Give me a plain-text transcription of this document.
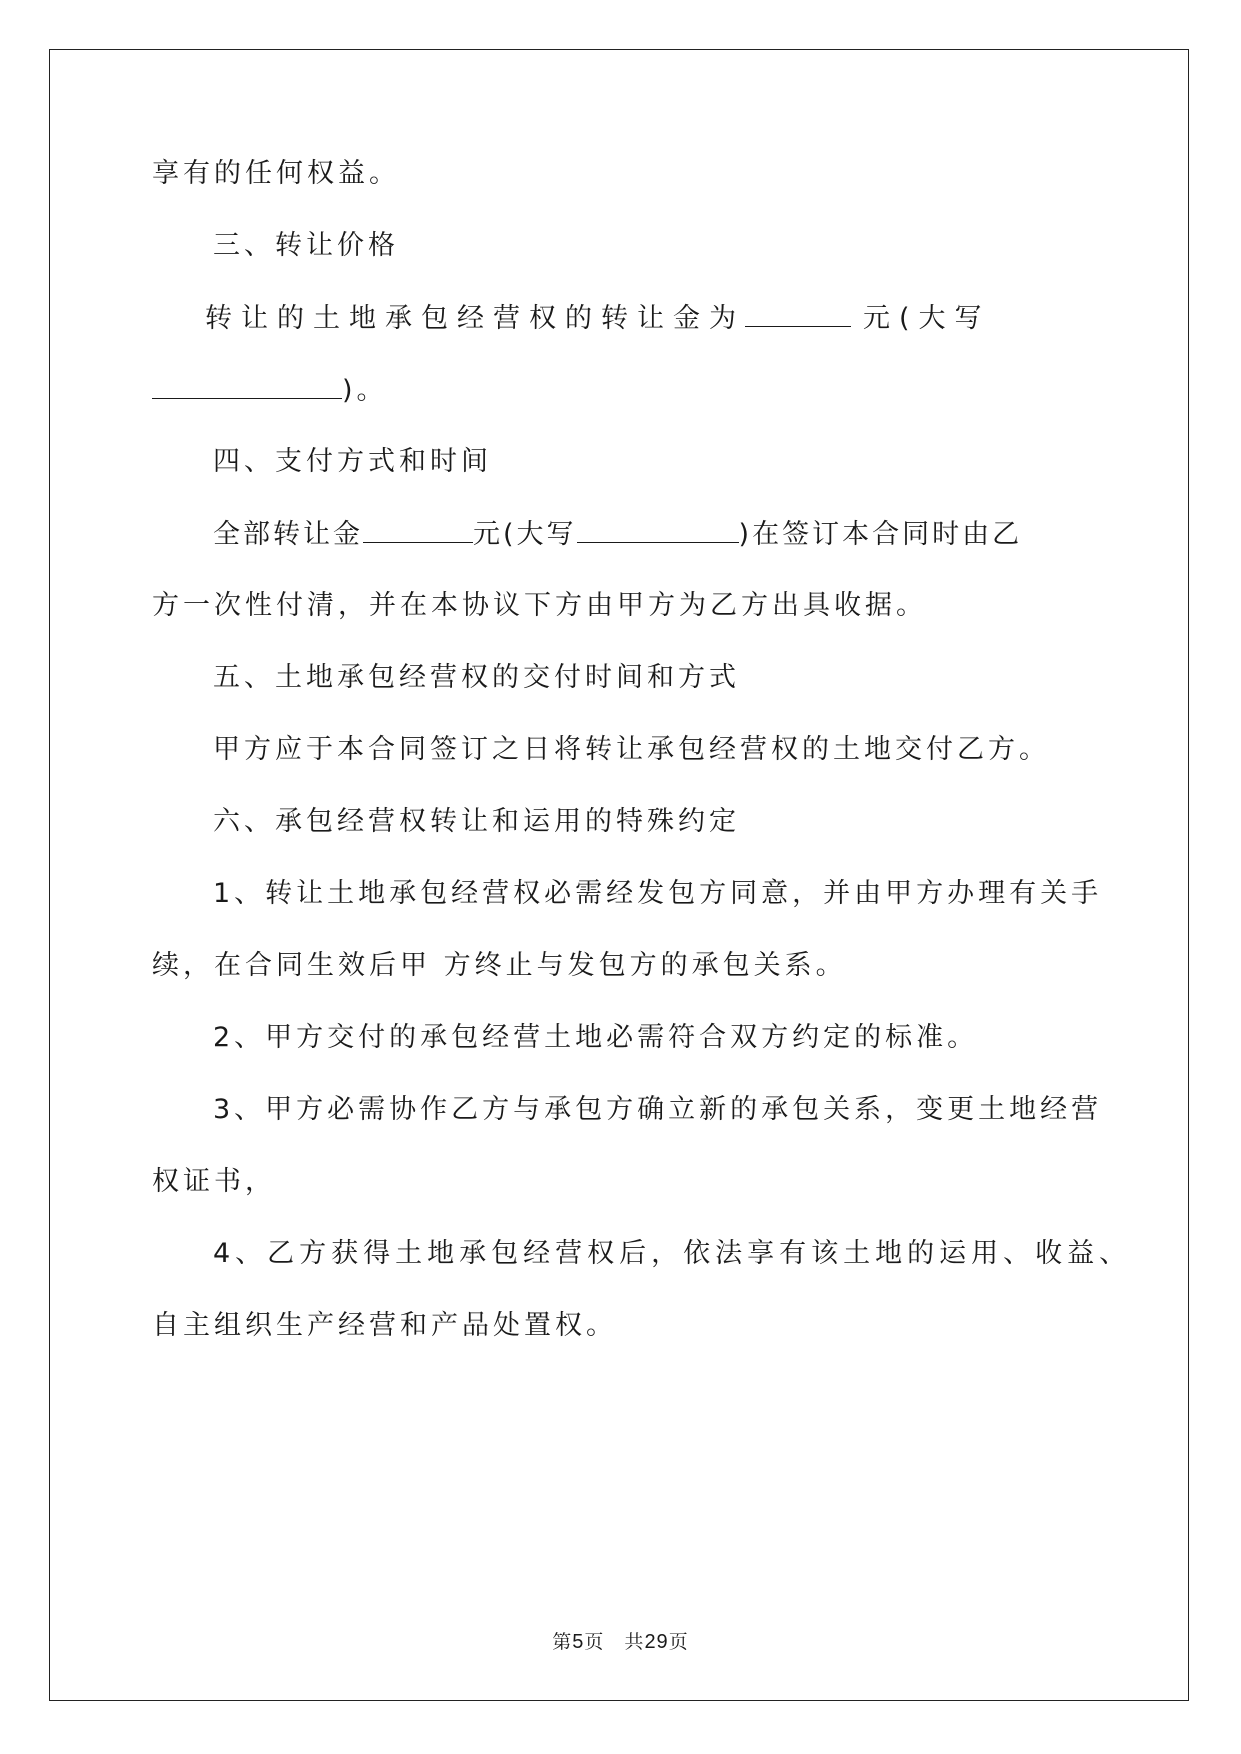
享有的任何权益。
三、转让价格
转让的土地承包经营权的转让金为	元(大写
)。
四、支付方式和时间
全部转让金	元(大写	)在签订本合同时由乙
方一次性付清，并在本协议下方由甲方为乙方出具收据。
五、土地承包经营权的交付时间和方式
甲方应于本合同签订之日将转让承包经营权的土地交付乙方。
六、承包经营权转让和运用的特殊约定
1、转让土地承包经营权必需经发包方同意，并由甲方办理有关手
续，在合同生效后甲 方终止与发包方的承包关系。
2、甲方交付的承包经营土地必需符合双方约定的标准。
3、甲方必需协作乙方与承包方确立新的承包关系，变更土地经营
权证书，
4、乙方获得土地承包经营权后，依法享有该土地的运用、收益、
自主组织生产经营和产品处置权。
第5页　共29页
